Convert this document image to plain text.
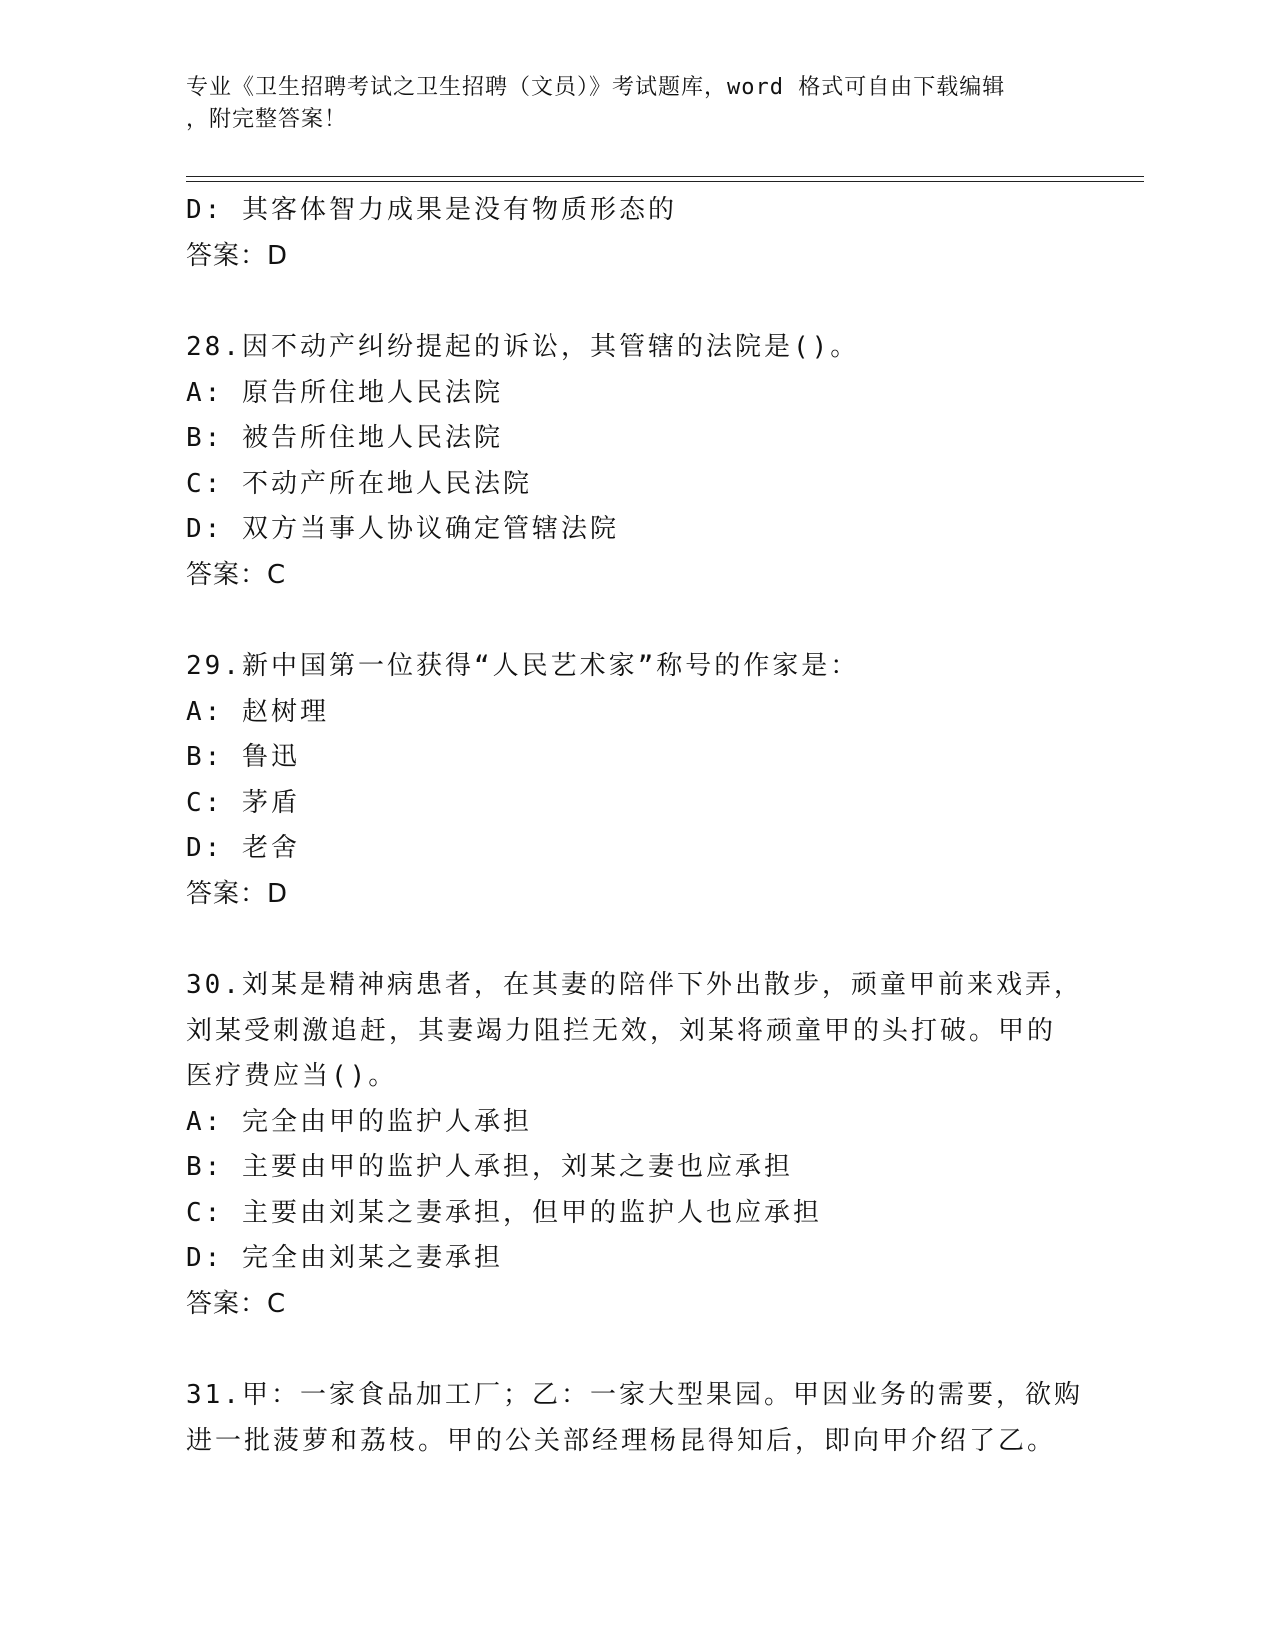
专业《卫生招聘考试之卫生招聘（文员）》考试题库，word 格式可自由下载编辑
，附完整答案！
D: 其客体智力成果是没有物质形态的
答案：D
28.因不动产纠纷提起的诉讼，其管辖的法院是()。
A: 原告所住地人民法院
B: 被告所住地人民法院
C: 不动产所在地人民法院
D: 双方当事人协议确定管辖法院
答案：C
29.新中国第一位获得“人民艺术家”称号的作家是：
A: 赵树理
B: 鲁迅
C: 茅盾
D: 老舍
答案：D
30.刘某是精神病患者，在其妻的陪伴下外出散步，顽童甲前来戏弄，
刘某受刺激追赶，其妻竭力阻拦无效，刘某将顽童甲的头打破。甲的
医疗费应当()。
A: 完全由甲的监护人承担
B: 主要由甲的监护人承担，刘某之妻也应承担
C: 主要由刘某之妻承担，但甲的监护人也应承担
D: 完全由刘某之妻承担
答案：C
31.甲：一家食品加工厂；乙：一家大型果园。甲因业务的需要，欲购
进一批菠萝和荔枝。甲的公关部经理杨昆得知后，即向甲介绍了乙。
